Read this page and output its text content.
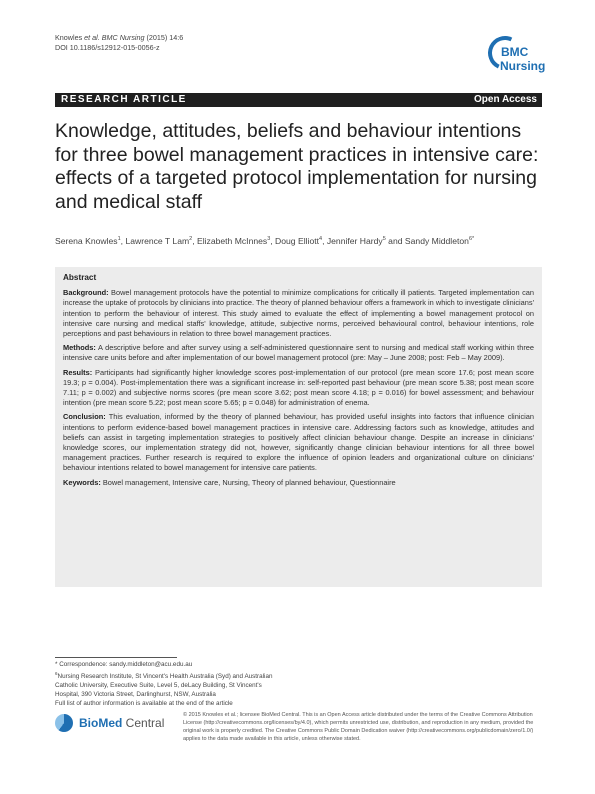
Knowles et al. BMC Nursing (2015) 14:6
DOI 10.1186/s12912-015-0056-z	BMC
Nursing
RESEARCH ARTICLE	Open Access
Knowledge, attitudes, beliefs and behaviour intentions for three bowel management practices in intensive care: effects of a targeted protocol implementation for nursing and medical staff
Serena Knowles$^1$, Lawrence T Lam$^2$, Elizabeth McInnes$^3$, Doug Elliott$^4$, Jennifer Hardy$^5$ and Sandy Middleton$^{6*}$
Abstract

Background: Bowel management protocols have the potential to minimize complications for critically ill patients. Targeted implementation can increase the uptake of protocols by clinicians into practice. The theory of planned behaviour offers a framework in which to investigate clinicians' intention to perform the behaviour of interest. This study aimed to evaluate the effect of implementing a bowel management protocol on intensive care nursing and medical staffs' knowledge, attitude, subjective norms, perceived behavioural control, behaviour intentions, role perceptions and past behaviours in relation to three bowel management practices.

Methods: A descriptive before and after survey using a self-administered questionnaire sent to nursing and medical staff working within three intensive care units before and after implementation of our bowel management protocol (pre: May – June 2008; post: Feb – May 2009).

Results: Participants had significantly higher knowledge scores post-implementation of our protocol (pre mean score 17.6; post mean score 19.3; p = 0.004). Post-implementation there was a significant increase in: self-reported past behaviour (pre mean score 5.38; post mean score 7.11; p = 0.002) and subjective norms scores (pre mean score 3.62; post mean score 4.18; p = 0.016) for bowel assessment; and behaviour intention (pre mean score 5.22; post mean score 5.65; p = 0.048) for administration of enema.

Conclusion: This evaluation, informed by the theory of planned behaviour, has provided useful insights into factors that influence clinician intentions to perform evidence-based bowel management practices in intensive care. Addressing factors such as knowledge, attitudes and beliefs can assist in targeting implementation strategies to positively affect clinician behaviour change. Despite an increase in clinicians' knowledge scores, our implementation strategy did not, however, significantly change clinician behaviour intentions for all three bowel management practices. Further research is required to explore the influence of opinion leaders and organizational culture on clinicians' behaviour intentions related to bowel management for intensive care patients.

Keywords: Bowel management, Intensive care, Nursing, Theory of planned behaviour, Questionnaire

* Correspondence: sandy.middleton@acu.edu.au
$^6$Nursing Research Institute, St Vincent's Health Australia (Syd) and Australian
Catholic University, Executive Suite, Level 5, deLacy Building, St Vincent's
Hospital, 390 Victoria Street, Darlinghurst, NSW, Australia
Full list of author information is available at the end of the article
BioMed Central
© 2015 Knowles et al.; licensee BioMed Central. This is an Open Access article distributed under the terms of the Creative Commons Attribution License (http://creativecommons.org/licenses/by/4.0), which permits unrestricted use, distribution, and reproduction in any medium, provided the original work is properly credited. The Creative Commons Public Domain Dedication waiver (http://creativecommons.org/publicdomain/zero/1.0/) applies to the data made available in this article, unless otherwise stated.
